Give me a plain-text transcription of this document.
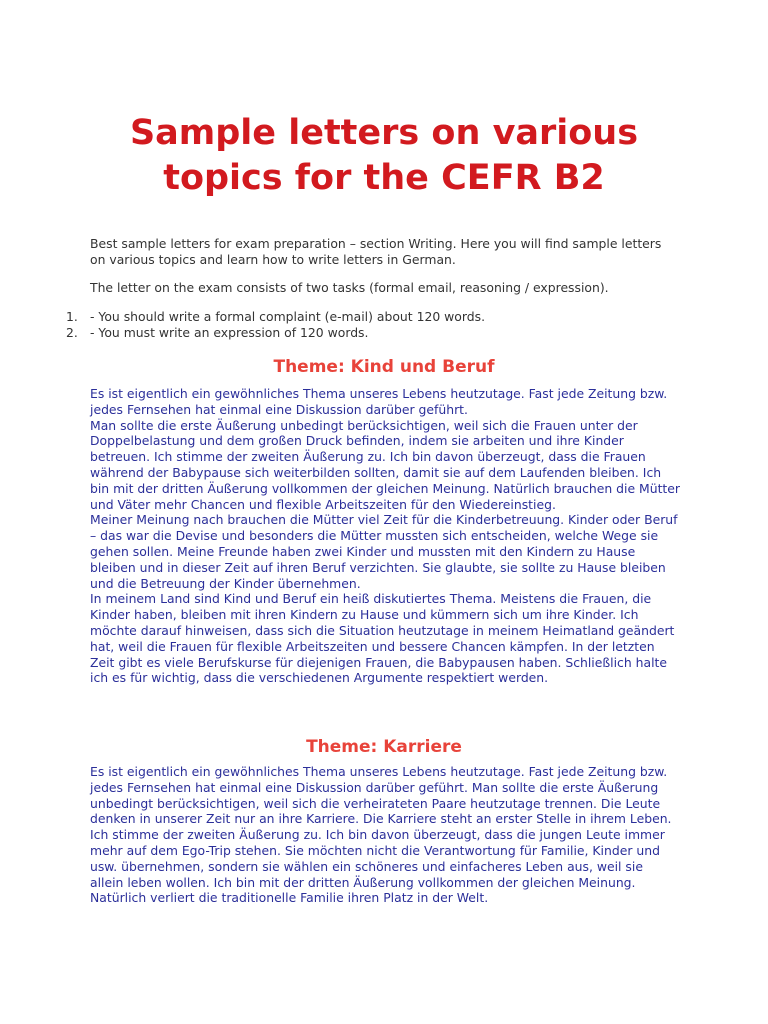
Sample letters on various
topics for the CEFR B2

Best sample letters for exam preparation – section Writing. Here you will find sample letters on various topics and learn how to write letters in German.

The letter on the exam consists of two tasks (formal email, reasoning / expression).

1. - You should write a formal complaint (e-mail) about 120 words.
2. - You must write an expression of 120 words.
Theme: Kind und Beruf

Es ist eigentlich ein gewöhnliches Thema unseres Lebens heutzutage. Fast jede Zeitung bzw. jedes Fernsehen hat einmal eine Diskussion darüber geführt.

Man sollte die erste Äußerung unbedingt berücksichtigen, weil sich die Frauen unter der Doppelbelastung und dem großen Druck befinden, indem sie arbeiten und ihre Kinder betreuen. Ich stimme der zweiten Äußerung zu. Ich bin davon überzeugt, dass die Frauen während der Babypause sich weiterbilden sollten, damit sie auf dem Laufenden bleiben. Ich bin mit der dritten Äußerung vollkommen der gleichen Meinung. Natürlich brauchen die Mütter und Väter mehr Chancen und flexible Arbeitszeiten für den Wiedereinstieg.

Meiner Meinung nach brauchen die Mütter viel Zeit für die Kinderbetreuung. Kinder oder Beruf – das war die Devise und besonders die Mütter mussten sich entscheiden, welche Wege sie gehen sollen. Meine Freunde haben zwei Kinder und mussten mit den Kindern zu Hause bleiben und in dieser Zeit auf ihren Beruf verzichten. Sie glaubte, sie sollte zu Hause bleiben und die Betreuung der Kinder übernehmen.

In meinem Land sind Kind und Beruf ein heiß diskutiertes Thema. Meistens die Frauen, die Kinder haben, bleiben mit ihren Kindern zu Hause und kümmern sich um ihre Kinder. Ich möchte darauf hinweisen, dass sich die Situation heutzutage in meinem Heimatland geändert hat, weil die Frauen für flexible Arbeitszeiten und bessere Chancen kämpfen. In der letzten Zeit gibt es viele Berufskurse für diejenigen Frauen, die Babypausen haben. Schließlich halte ich es für wichtig, dass die verschiedenen Argumente respektiert werden.

Theme: Karriere

Es ist eigentlich ein gewöhnliches Thema unseres Lebens heutzutage. Fast jede Zeitung bzw. jedes Fernsehen hat einmal eine Diskussion darüber geführt. Man sollte die erste Äußerung unbedingt berücksichtigen, weil sich die verheirateten Paare heutzutage trennen. Die Leute denken in unserer Zeit nur an ihre Karriere. Die Karriere steht an erster Stelle in ihrem Leben. Ich stimme der zweiten Äußerung zu. Ich bin davon überzeugt, dass die jungen Leute immer mehr auf dem Ego-Trip stehen. Sie möchten nicht die Verantwortung für Familie, Kinder und usw. übernehmen, sondern sie wählen ein schöneres und einfacheres Leben aus, weil sie allein leben wollen. Ich bin mit der dritten Äußerung vollkommen der gleichen Meinung. Natürlich verliert die traditionelle Familie ihren Platz in der Welt.
